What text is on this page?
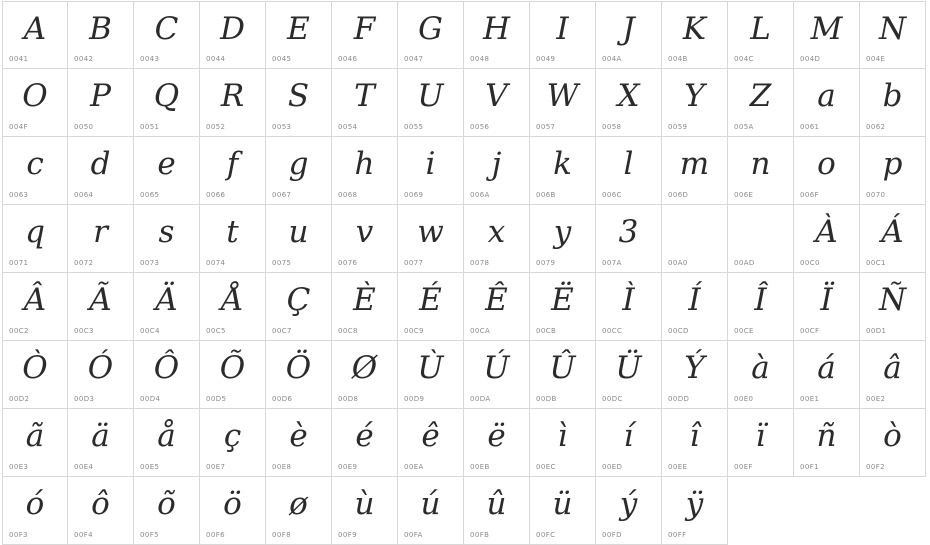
A
0041
B
0042
C
0043
D
0044
E
0045
F
0046
G
0047
H
0048
I
0049
J
004A
K
004B
L
004C
M
004D
N
004E
O
004F
P
0050
Q
0051
R
0052
S
0053
T
0054
U
0055
V
0056
W
0057
X
0058
Y
0059
Z
005A
a
0061
b
0062
c
0063
d
0064
e
0065
f
0066
g
0067
h
0068
i
0069
j
006A
k
006B
l
006C
m
006D
n
006E
o
006F
p
0070
q
0071
r
0072
s
0073
t
0074
u
0075
v
0076
w
0077
x
0078
y
0079
3
007A	00A0	00AD
À
00C0
Á
00C1
Â
00C2
Ã
00C3
Ä
00C4
Å
00C5
Ç
00C7
È
00C8
É
00C9
Ê
00CA
Ë
00CB
Ì
00CC
Í
00CD
Î
00CE
Ï
00CF
Ñ
00D1
Ò
00D2
Ó
00D3
Ô
00D4
Õ
00D5
Ö
00D6
Ø
00D8
Ù
00D9
Ú
00DA
Û
00DB
Ü
00DC
Ý
00DD
à
00E0
á
00E1
â
00E2
ã
00E3
ä
00E4
å
00E5
ç
00E7
è
00E8
é
00E9
ê
00EA
ë
00EB
ì
00EC
í
00ED
î
00EE
ï
00EF
ñ
00F1
ò
00F2
ó
00F3
ô
00F4
õ
00F5
ö
00F6
ø
00F8
ù
00F9
ú
00FA
û
00FB
ü
00FC
ý
00FD
ÿ
00FF
